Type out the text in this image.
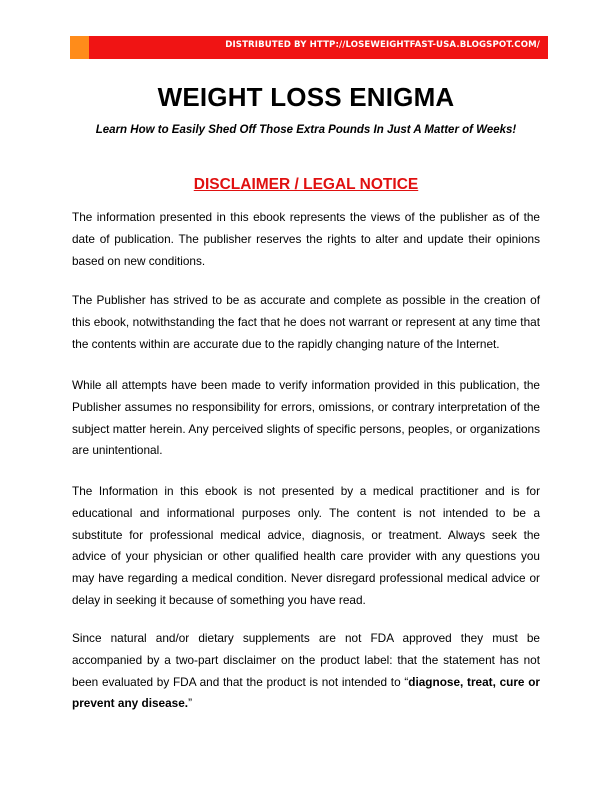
DISTRIBUTED BY HTTP://LOSEWEIGHTFAST-USA.BLOGSPOT.COM/
WEIGHT LOSS ENIGMA
Learn How to Easily Shed Off Those Extra Pounds In Just A Matter of Weeks!
DISCLAIMER / LEGAL NOTICE

The information presented in this ebook represents the views of the publisher as of the date of publication. The publisher reserves the rights to alter and update their opinions based on new conditions.

The Publisher has strived to be as accurate and complete as possible in the creation of this ebook, notwithstanding the fact that he does not warrant or represent at any time that the contents within are accurate due to the rapidly changing nature of the Internet.

While all attempts have been made to verify information provided in this publication, the Publisher assumes no responsibility for errors, omissions, or contrary interpretation of the subject matter herein. Any perceived slights of specific persons, peoples, or organizations are unintentional.

The Information in this ebook is not presented by a medical practitioner and is for educational and informational purposes only. The content is not intended to be a substitute for professional medical advice, diagnosis, or treatment. Always seek the advice of your physician or other qualified health care provider with any questions you may have regarding a medical condition. Never disregard professional medical advice or delay in seeking it because of something you have read.

Since natural and/or dietary supplements are not FDA approved they must be accompanied by a two-part disclaimer on the product label: that the statement has not been evaluated by FDA and that the product is not intended to “diagnose, treat, cure or prevent any disease.”
